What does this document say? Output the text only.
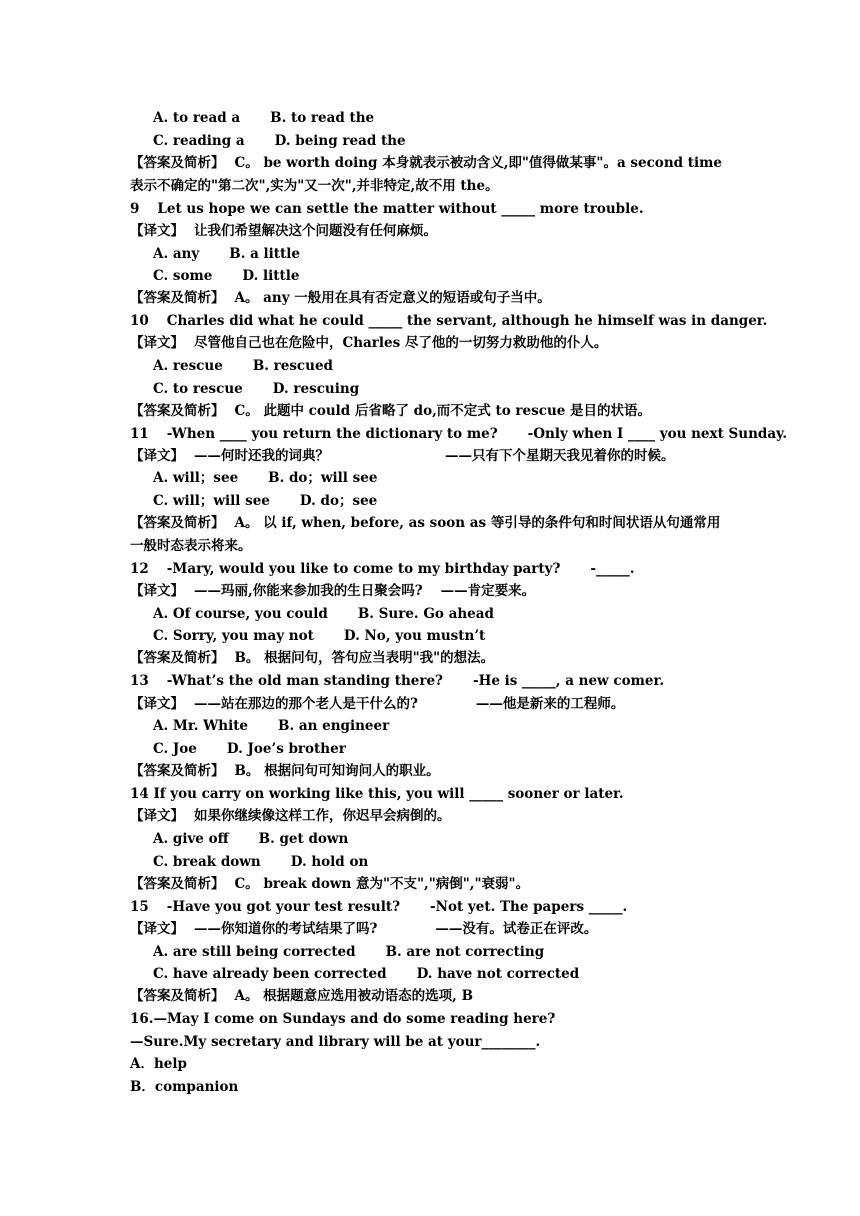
A. to read a B. to read the
C. reading a D. being read the
【答案及简析】 C。 be worth doing 本身就表示被动含义,即"值得做某事"。a second time
表示不确定的"第二次",实为"又一次",并非特定,故不用 the。
9 Let us hope we can settle the matter without _____ more trouble.
【译文】 让我们希望解决这个问题没有任何麻烦。
A. any B. a little
C. some D. little
【答案及简析】 A。 any 一般用在具有否定意义的短语或句子当中。
10 Charles did what he could _____ the servant, although he himself was in danger.
【译文】 尽管他自己也在危险中，Charles 尽了他的一切努力救助他的仆人。
A. rescue B. rescued
C. to rescue D. rescuing
【答案及简析】 C。 此题中 could 后省略了 do,而不定式 to rescue 是目的状语。
11 -When ____ you return the dictionary to me? -Only when I ____ you next Sunday.
【译文】 ——何时还我的词典？	——只有下个星期天我见着你的时候。
A. will；see B. do；will see
C. will；will see D. do；see
【答案及简析】 A。 以 if, when, before, as soon as 等引导的条件句和时间状语从句通常用
一般时态表示将来。
12 -Mary, would you like to come to my birthday party? -_____.
【译文】 ——玛丽,你能来参加我的生日聚会吗? ——肯定要来。
A. Of course, you could B. Sure. Go ahead
C. Sorry, you may not D. No, you mustn’t
【答案及简析】 B。 根据问句，答句应当表明"我"的想法。
13 -What’s the old man standing there? -He is _____, a new comer.
【译文】 ——站在那边的那个老人是干什么的?	——他是新来的工程师。
A. Mr. White B. an engineer
C. Joe D. Joe’s brother
【答案及简析】 B。 根据问句可知询问人的职业。
14 If you carry on working like this, you will _____ sooner or later.
【译文】 如果你继续像这样工作，你迟早会病倒的。
A. give off B. get down
C. break down D. hold on
【答案及简析】 C。 break down 意为"不支","病倒","衰弱"。
15 -Have you got your test result? -Not yet. The papers _____.
【译文】 ——你知道你的考试结果了吗?	——没有。试卷正在评改。
A. are still being corrected B. are not correcting
C. have already been corrected D. have not corrected
【答案及简析】 A。 根据题意应选用被动语态的选项, B
16.—May I come on Sundays and do some reading here?
—Sure.My secretary and library will be at your________.
A．help
B．companion
